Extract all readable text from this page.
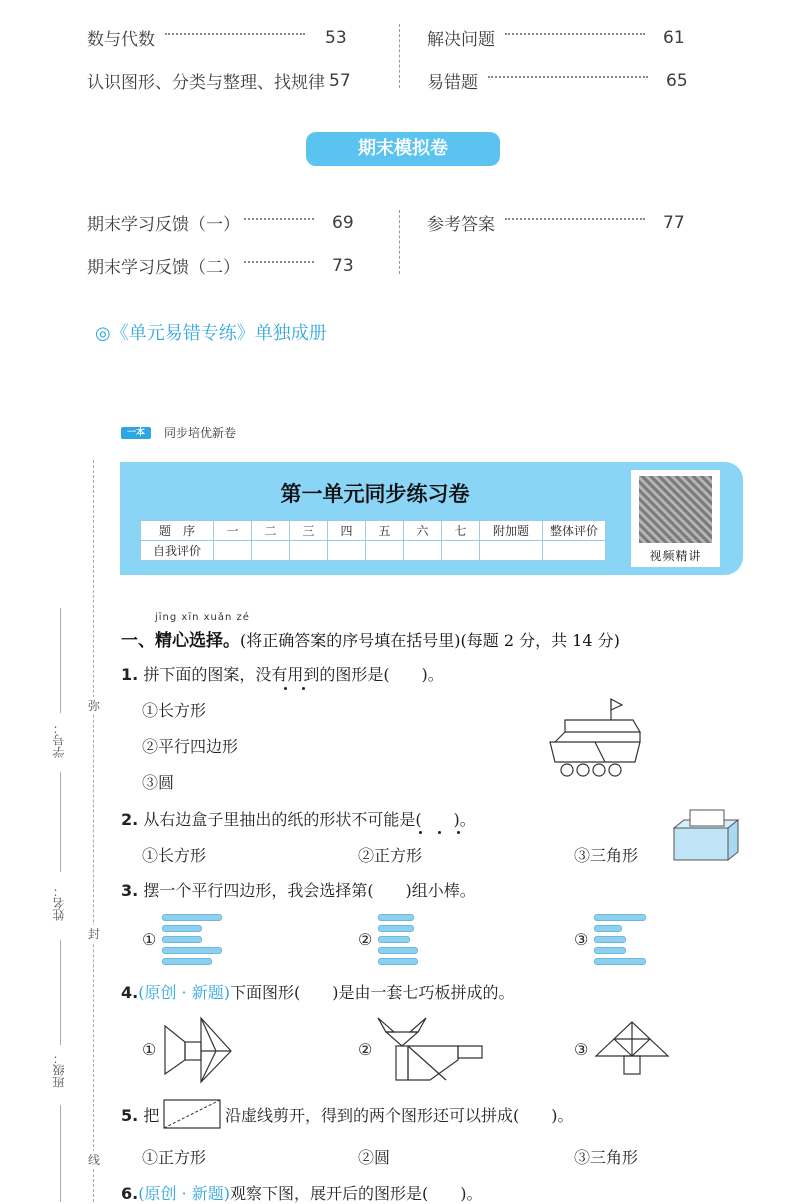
数与代数	53
认识图形、分类与整理、找规律 57
解决问题	61
易错题	65
期末模拟卷
期末学习反馈（一）	69
期末学习反馈（二）	73
参考答案	77
◎《单元易错专练》单独成册
一本	同步培优新卷
第一单元同步练习卷
题　序	一	二	三	四	五	六	七	附加题	整体评价
自我评价										视频精讲
弥
封
线
学号：
姓名：
班级：
jīng xīn xuǎn zé
一、精心选择。(将正确答案的序号填在括号里)(每题 2 分，共 14 分)
1. 拼下面的图案，没有用到的图形是(　　)。
①长方形
②平行四边形
③圆
2. 从右边盒子里抽出的纸的形状不可能是(　　)。
①长方形	②正方形	③三角形
3. 摆一个平行四边形，我会选择第(　　)组小棒。
①	②	③
4.(原创 · 新题)下面图形(　　)是由一套七巧板拼成的。
①	②	③
5. 把	沿虚线剪开，得到的两个图形还可以拼成(　　)。
①正方形	②圆	③三角形
6.(原创 · 新题)观察下图，展开后的图形是(　　)。
